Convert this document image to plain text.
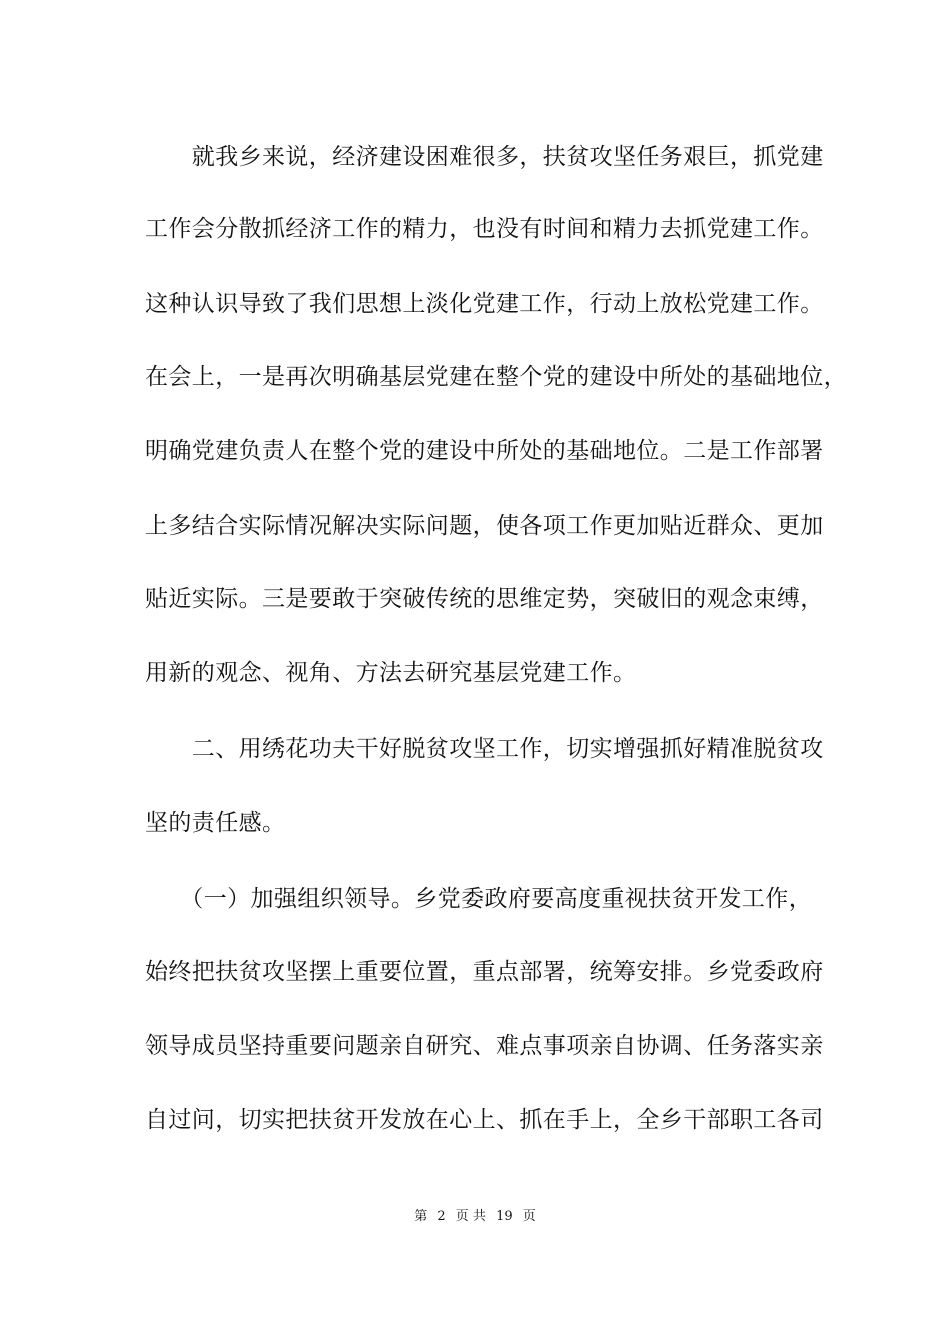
　　就我乡来说，经济建设困难很多，扶贫攻坚任务艰巨，抓党建
工作会分散抓经济工作的精力，也没有时间和精力去抓党建工作。
这种认识导致了我们思想上淡化党建工作，行动上放松党建工作。
在会上，一是再次明确基层党建在整个党的建设中所处的基础地位，
明确党建负责人在整个党的建设中所处的基础地位。二是工作部署
上多结合实际情况解决实际问题，使各项工作更加贴近群众、更加
贴近实际。三是要敢于突破传统的思维定势，突破旧的观念束缚，
用新的观念、视角、方法去研究基层党建工作。
　　二、用绣花功夫干好脱贫攻坚工作，切实增强抓好精准脱贫攻
坚的责任感。
　　（一）加强组织领导。乡党委政府要高度重视扶贫开发工作，
始终把扶贫攻坚摆上重要位置，重点部署，统筹安排。乡党委政府
领导成员坚持重要问题亲自研究、难点事项亲自协调、任务落实亲
自过问，切实把扶贫开发放在心上、抓在手上，全乡干部职工各司
第 2 页 共 19 页
